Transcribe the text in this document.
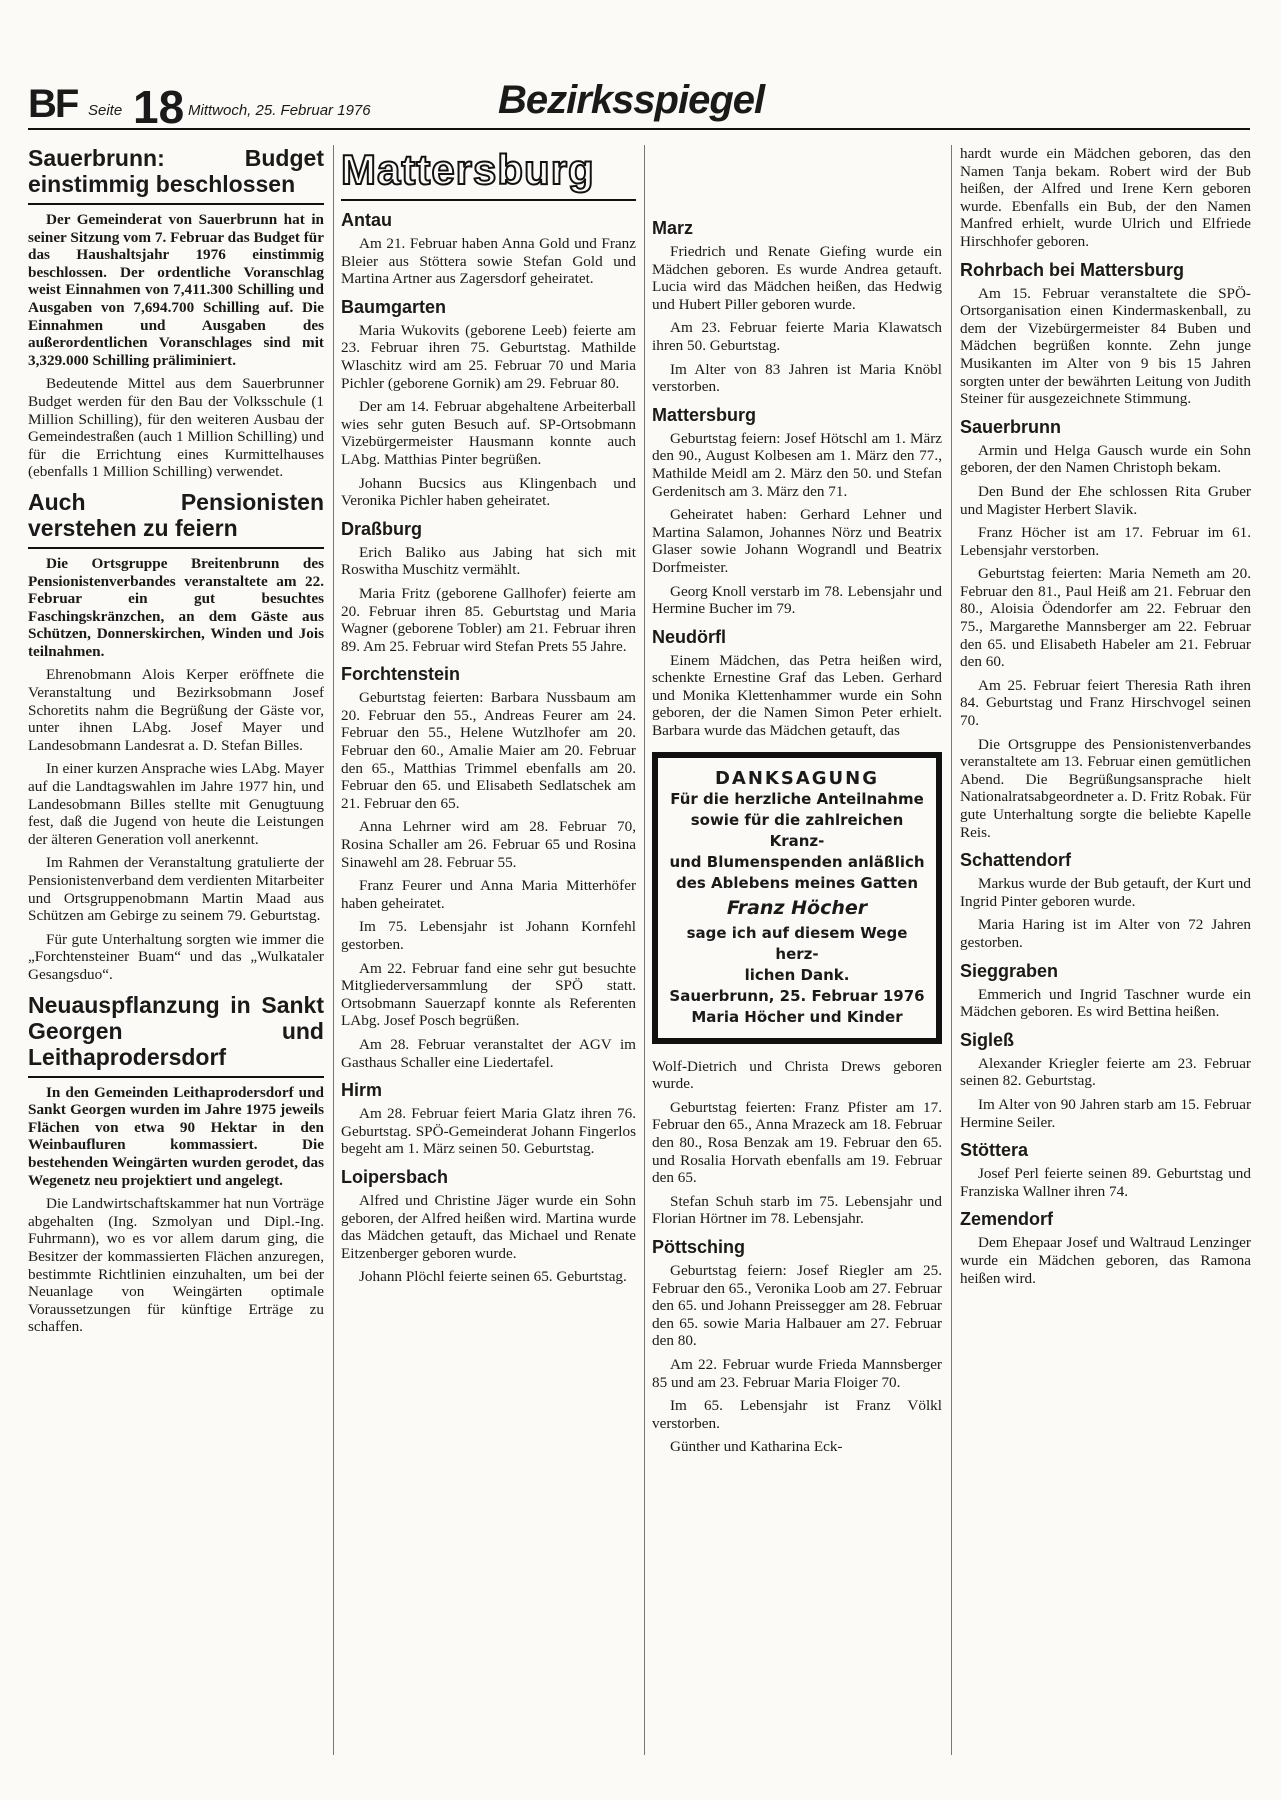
BF Seite 18 Mittwoch, 25. Februar 1976	Bezirksspiegel
Sauerbrunn: Budget einstimmig beschlossen

Der Gemeinderat von Sauerbrunn hat in seiner Sitzung vom 7. Februar das Budget für das Haushaltsjahr 1976 einstimmig beschlossen. Der ordentliche Voranschlag weist Einnahmen von 7,411.300 Schilling und Ausgaben von 7,694.700 Schilling auf. Die Einnahmen und Ausgaben des außerordentlichen Voranschlages sind mit 3,329.000 Schilling präliminiert.

Bedeutende Mittel aus dem Sauerbrunner Budget werden für den Bau der Volksschule (1 Million Schilling), für den weiteren Ausbau der Gemeindestraßen (auch 1 Million Schilling) und für die Errichtung eines Kurmittelhauses (ebenfalls 1 Million Schilling) verwendet.

Auch Pensionisten verstehen zu feiern

Die Ortsgruppe Breitenbrunn des Pensionistenverbandes veranstaltete am 22. Februar ein gut besuchtes Faschingskränzchen, an dem Gäste aus Schützen, Donnerskirchen, Winden und Jois teilnahmen.

Ehrenobmann Alois Kerper eröffnete die Veranstaltung und Bezirksobmann Josef Schoretits nahm die Begrüßung der Gäste vor, unter ihnen LAbg. Josef Mayer und Landesobmann Landesrat a. D. Stefan Billes.

In einer kurzen Ansprache wies LAbg. Mayer auf die Landtagswahlen im Jahre 1977 hin, und Landesobmann Billes stellte mit Genugtuung fest, daß die Jugend von heute die Leistungen der älteren Generation voll anerkennt.

Im Rahmen der Veranstaltung gratulierte der Pensionistenverband dem verdienten Mitarbeiter und Ortsgruppenobmann Martin Maad aus Schützen am Gebirge zu seinem 79. Geburtstag.

Für gute Unterhaltung sorgten wie immer die „Forchtensteiner Buam“ und das „Wulkataler Gesangsduo“.

Neuauspflanzung in Sankt Georgen und Leithaprodersdorf

In den Gemeinden Leithaprodersdorf und Sankt Georgen wurden im Jahre 1975 jeweils Flächen von etwa 90 Hektar in den Weinbaufluren kommassiert. Die bestehenden Weingärten wurden gerodet, das Wegenetz neu projektiert und angelegt.

Die Landwirtschaftskammer hat nun Vorträge abgehalten (Ing. Szmolyan und Dipl.-Ing. Fuhrmann), wo es vor allem darum ging, die Besitzer der kommassierten Flächen anzuregen, bestimmte Richtlinien einzuhalten, um bei der Neuanlage von Weingärten optimale Voraussetzungen für künftige Erträge zu schaffen.

Mattersburg
Antau

Am 21. Februar haben Anna Gold und Franz Bleier aus Stöttera sowie Stefan Gold und Martina Artner aus Zagersdorf geheiratet.

Baumgarten

Maria Wukovits (geborene Leeb) feierte am 23. Februar ihren 75. Geburtstag. Mathilde Wlaschitz wird am 25. Februar 70 und Maria Pichler (geborene Gornik) am 29. Februar 80.

Der am 14. Februar abgehaltene Arbeiterball wies sehr guten Besuch auf. SP-Ortsobmann Vizebürgermeister Hausmann konnte auch LAbg. Matthias Pinter begrüßen.

Johann Bucsics aus Klingenbach und Veronika Pichler haben geheiratet.

Draßburg

Erich Baliko aus Jabing hat sich mit Roswitha Muschitz vermählt.

Maria Fritz (geborene Gallhofer) feierte am 20. Februar ihren 85. Geburtstag und Maria Wagner (geborene Tobler) am 21. Februar ihren 89. Am 25. Februar wird Stefan Prets 55 Jahre.

Forchtenstein

Geburtstag feierten: Barbara Nussbaum am 20. Februar den 55., Andreas Feurer am 24. Februar den 55., Helene Wutzlhofer am 20. Februar den 60., Amalie Maier am 20. Februar den 65., Matthias Trimmel ebenfalls am 20. Februar den 65. und Elisabeth Sedlatschek am 21. Februar den 65.

Anna Lehrner wird am 28. Februar 70, Rosina Schaller am 26. Februar 65 und Rosina Sinawehl am 28. Februar 55.

Franz Feurer und Anna Maria Mitterhöfer haben geheiratet.

Im 75. Lebensjahr ist Johann Kornfehl gestorben.

Am 22. Februar fand eine sehr gut besuchte Mitgliederversammlung der SPÖ statt. Ortsobmann Sauerzapf konnte als Referenten LAbg. Josef Posch begrüßen.

Am 28. Februar veranstaltet der AGV im Gasthaus Schaller eine Liedertafel.

Hirm

Am 28. Februar feiert Maria Glatz ihren 76. Geburtstag. SPÖ-Gemeinderat Johann Fingerlos begeht am 1. März seinen 50. Geburtstag.

Loipersbach

Alfred und Christine Jäger wurde ein Sohn geboren, der Alfred heißen wird. Martina wurde das Mädchen getauft, das Michael und Renate Eitzenberger geboren wurde.

Johann Plöchl feierte seinen 65. Geburtstag.

Marz

Friedrich und Renate Giefing wurde ein Mädchen geboren. Es wurde Andrea getauft. Lucia wird das Mädchen heißen, das Hedwig und Hubert Piller geboren wurde.

Am 23. Februar feierte Maria Klawatsch ihren 50. Geburtstag.

Im Alter von 83 Jahren ist Maria Knöbl verstorben.

Mattersburg

Geburtstag feiern: Josef Hötschl am 1. März den 90., August Kolbesen am 1. März den 77., Mathilde Meidl am 2. März den 50. und Stefan Gerdenitsch am 3. März den 71.

Geheiratet haben: Gerhard Lehner und Martina Salamon, Johannes Nörz und Beatrix Glaser sowie Johann Wograndl und Beatrix Dorfmeister.

Georg Knoll verstarb im 78. Lebensjahr und Hermine Bucher im 79.

Neudörfl

Einem Mädchen, das Petra heißen wird, schenkte Ernestine Graf das Leben. Gerhard und Monika Klettenhammer wurde ein Sohn geboren, der die Namen Simon Peter erhielt. Barbara wurde das Mädchen getauft, das

DANKSAGUNG
Für die herzliche Anteilnahme
sowie für die zahlreichen Kranz-
und Blumenspenden anläßlich
des Ablebens meines Gatten
Franz Höcher
sage ich auf diesem Wege herz-
lichen Dank.
Sauerbrunn, 25. Februar 1976
Maria Höcher und Kinder

Wolf-Dietrich und Christa Drews geboren wurde.

Geburtstag feierten: Franz Pfister am 17. Februar den 65., Anna Mrazeck am 18. Februar den 80., Rosa Benzak am 19. Februar den 65. und Rosalia Horvath ebenfalls am 19. Februar den 65.

Stefan Schuh starb im 75. Lebensjahr und Florian Hörtner im 78. Lebensjahr.

Pöttsching

Geburtstag feiern: Josef Riegler am 25. Februar den 65., Veronika Loob am 27. Februar den 65. und Johann Preissegger am 28. Februar den 65. sowie Maria Halbauer am 27. Februar den 80.

Am 22. Februar wurde Frieda Mannsberger 85 und am 23. Februar Maria Floiger 70.

Im 65. Lebensjahr ist Franz Völkl verstorben.

Günther und Katharina Eck-

hardt wurde ein Mädchen geboren, das den Namen Tanja bekam. Robert wird der Bub heißen, der Alfred und Irene Kern geboren wurde. Ebenfalls ein Bub, der den Namen Manfred erhielt, wurde Ulrich und Elfriede Hirschhofer geboren.

Rohrbach bei Mattersburg

Am 15. Februar veranstaltete die SPÖ-Ortsorganisation einen Kindermaskenball, zu dem der Vizebürgermeister 84 Buben und Mädchen begrüßen konnte. Zehn junge Musikanten im Alter von 9 bis 15 Jahren sorgten unter der bewährten Leitung von Judith Steiner für ausgezeichnete Stimmung.

Sauerbrunn

Armin und Helga Gausch wurde ein Sohn geboren, der den Namen Christoph bekam.

Den Bund der Ehe schlossen Rita Gruber und Magister Herbert Slavik.

Franz Höcher ist am 17. Februar im 61. Lebensjahr verstorben.

Geburtstag feierten: Maria Nemeth am 20. Februar den 81., Paul Heiß am 21. Februar den 80., Aloisia Ödendorfer am 22. Februar den 75., Margarethe Mannsberger am 22. Februar den 65. und Elisabeth Habeler am 21. Februar den 60.

Am 25. Februar feiert Theresia Rath ihren 84. Geburtstag und Franz Hirschvogel seinen 70.

Die Ortsgruppe des Pensionistenverbandes veranstaltete am 13. Februar einen gemütlichen Abend. Die Begrüßungsansprache hielt Nationalratsabgeordneter a. D. Fritz Robak. Für gute Unterhaltung sorgte die beliebte Kapelle Reis.

Schattendorf

Markus wurde der Bub getauft, der Kurt und Ingrid Pinter geboren wurde.

Maria Haring ist im Alter von 72 Jahren gestorben.

Sieggraben

Emmerich und Ingrid Taschner wurde ein Mädchen geboren. Es wird Bettina heißen.

Sigleß

Alexander Kriegler feierte am 23. Februar seinen 82. Geburtstag.

Im Alter von 90 Jahren starb am 15. Februar Hermine Seiler.

Stöttera

Josef Perl feierte seinen 89. Geburtstag und Franziska Wallner ihren 74.

Zemendorf

Dem Ehepaar Josef und Waltraud Lenzinger wurde ein Mädchen geboren, das Ramona heißen wird.
